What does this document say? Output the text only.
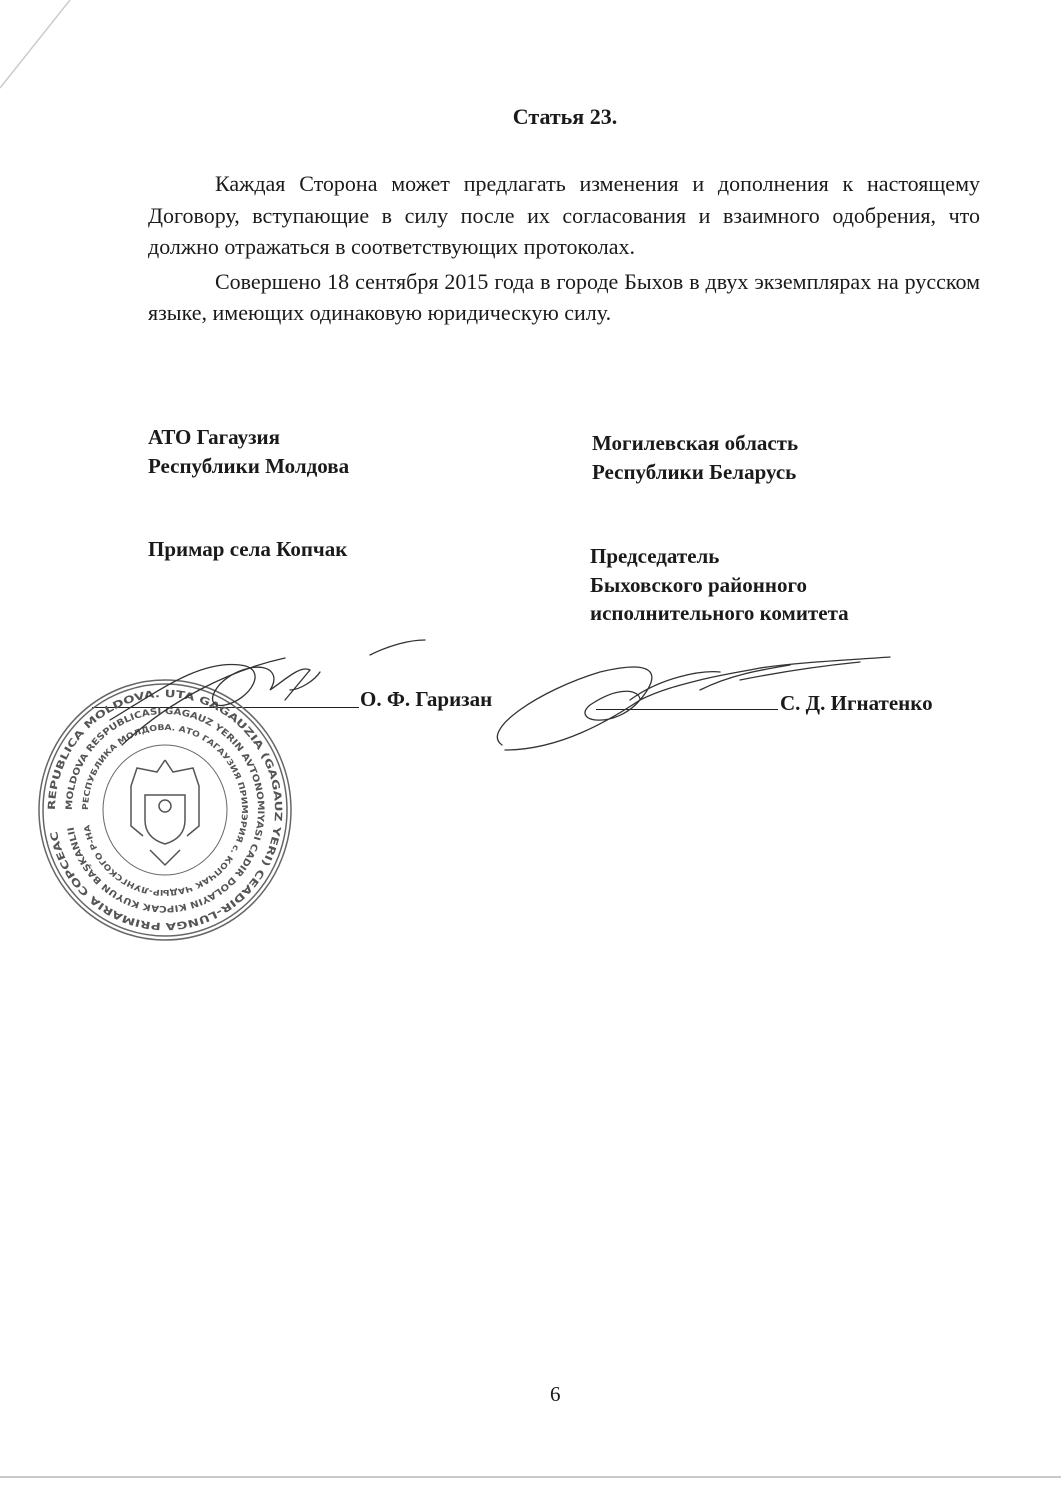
Статья 23.

Каждая Сторона может предлагать изменения и дополнения к настоящему Договору, вступающие в силу после их согласования и взаимного одобрения, что должно отражаться в соответствующих протоколах.

Совершено 18 сентября 2015 года в городе Быхов в двух экземплярах на русском языке, имеющих одинаковую юридическую силу.

АТО Гагаузия
Республики Молдова
Могилевская область
Республики Беларусь
Примар села Копчак	Председатель
Быховского районного
исполнительного комитета
О. Ф. Гаризан	С. Д. Игнатенко
REPUBLICA MOLDOVA. UTA GAGAUZIA (GAGAUZ YERI) CEADIR-LUNGA PRIMARIA COPCEAC
MOLDOVA RESPUBLICASI GAGAUZ YERIN AVTONOMIYASI CADIR DOLAYIN KIPCAK KUYUN BAŞKANLII
РЕСПУБЛИКА МОЛДОВА. АТО ГАГАУЗИЯ ПРИМЭРИЯ с. КОПЧАК ЧАДЫР-ЛУНГСКОГО Р-НА
6
